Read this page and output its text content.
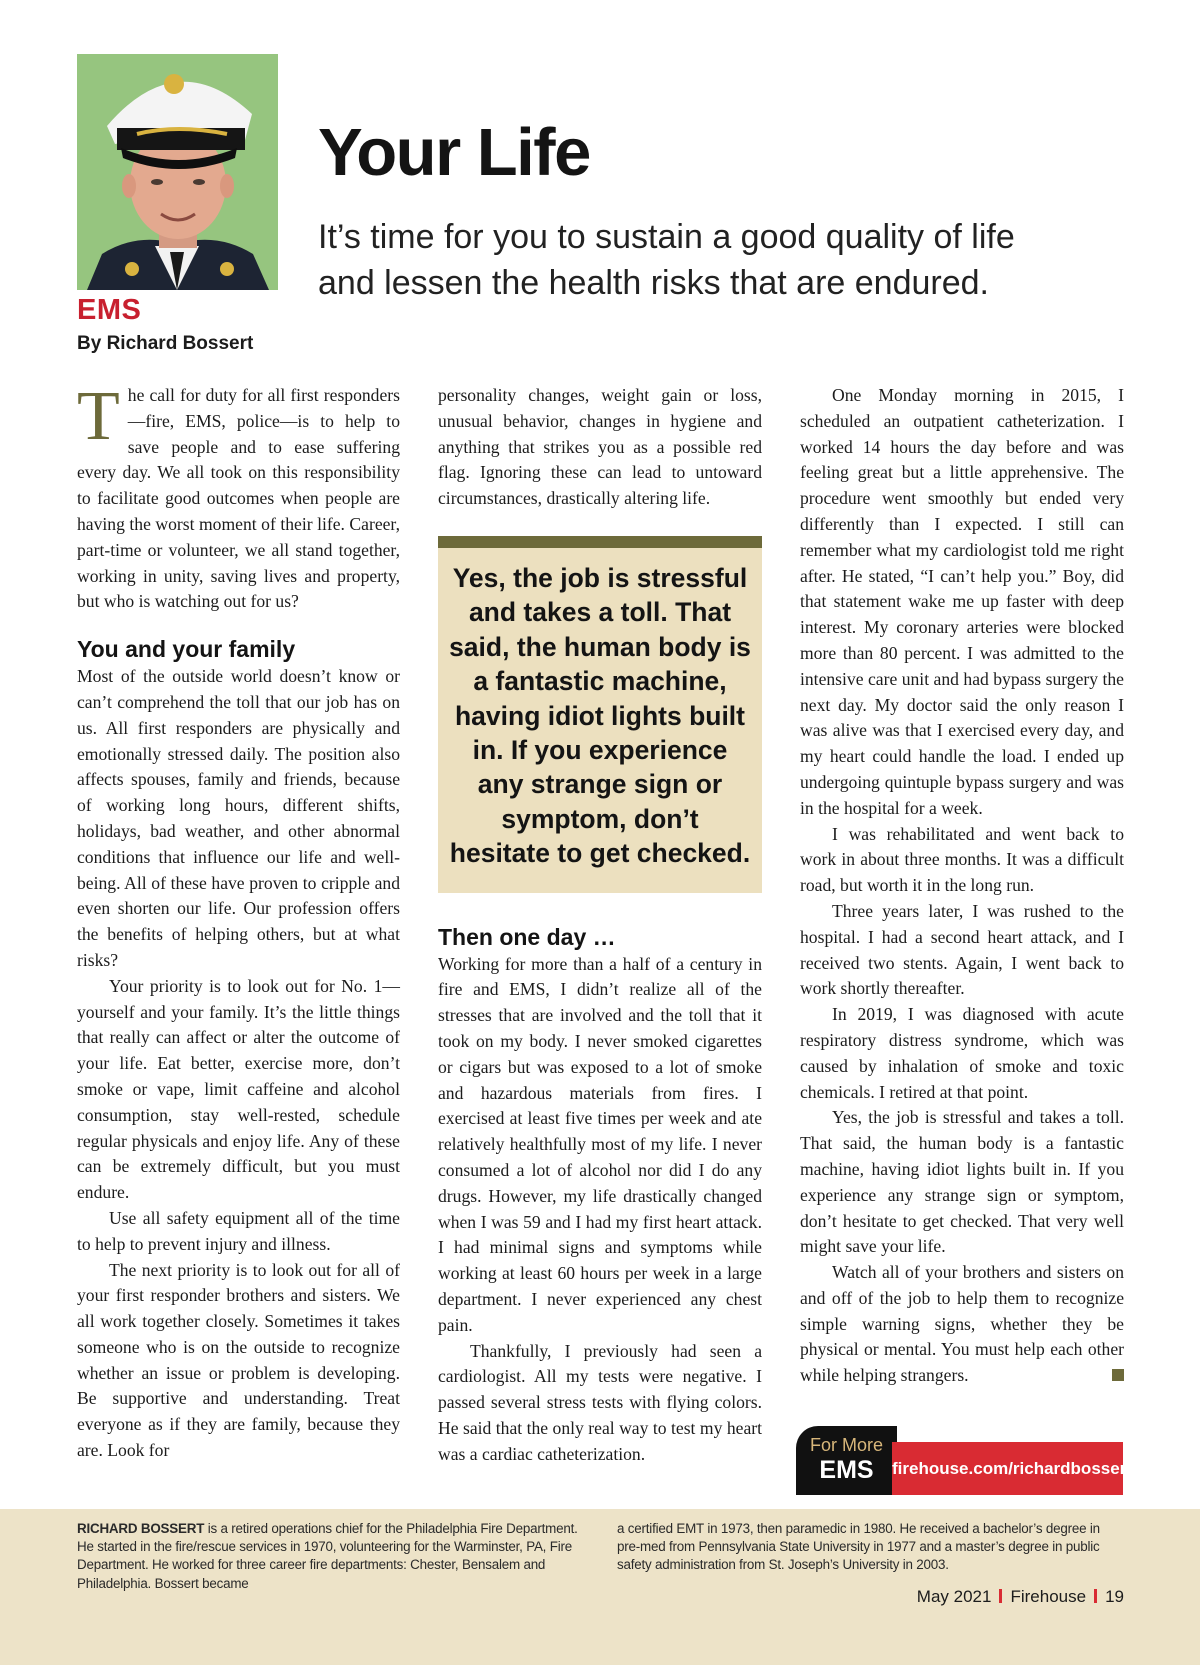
EMS
By Richard Bossert
Your Life

It’s time for you to sustain a good quality of life and lessen the health risks that are endured.

The call for duty for all first responders—fire, EMS, police—is to help to save people and to ease suffering every day. We all took on this responsibility to facilitate good outcomes when people are having the worst moment of their life. Career, part-time or volunteer, we all stand together, working in unity, saving lives and property, but who is watching out for us?

You and your family

Most of the outside world doesn’t know or can’t comprehend the toll that our job has on us. All first responders are physically and emotionally stressed daily. The position also affects spouses, family and friends, because of working long hours, different shifts, holidays, bad weather, and other abnormal conditions that influence our life and well-being. All of these have proven to cripple and even shorten our life. Our profession offers the benefits of helping others, but at what risks?

Your priority is to look out for No. 1—yourself and your family. It’s the little things that really can affect or alter the outcome of your life. Eat better, exercise more, don’t smoke or vape, limit caffeine and alcohol consumption, stay well-rested, schedule regular physicals and enjoy life. Any of these can be extremely difficult, but you must endure.

Use all safety equipment all of the time to help to prevent injury and illness.

The next priority is to look out for all of your first responder brothers and sisters. We all work together closely. Sometimes it takes someone who is on the outside to recognize whether an issue or problem is developing. Be supportive and understanding. Treat everyone as if they are family, because they are. Look for

personality changes, weight gain or loss, unusual behavior, changes in hygiene and anything that strikes you as a possible red flag. Ignoring these can lead to untoward circumstances, drastically altering life.

Yes, the job is stressful and takes a toll. That said, the human body is a fantastic machine, having idiot lights built in. If you experience any strange sign or symptom, don’t hesitate to get checked.

Then one day …

Working for more than a half of a century in fire and EMS, I didn’t realize all of the stresses that are involved and the toll that it took on my body. I never smoked cigarettes or cigars but was exposed to a lot of smoke and hazardous materials from fires. I exercised at least five times per week and ate relatively healthfully most of my life. I never consumed a lot of alcohol nor did I do any drugs. However, my life drastically changed when I was 59 and I had my first heart attack. I had minimal signs and symptoms while working at least 60 hours per week in a large department. I never experienced any chest pain.

Thankfully, I previously had seen a cardiologist. All my tests were negative. I passed several stress tests with flying colors. He said that the only real way to test my heart was a cardiac catheterization.

One Monday morning in 2015, I scheduled an outpatient catheterization. I worked 14 hours the day before and was feeling great but a little apprehensive. The procedure went smoothly but ended very differently than I expected. I still can remember what my cardiologist told me right after. He stated, “I can’t help you.” Boy, did that statement wake me up faster with deep interest. My coronary arteries were blocked more than 80 percent. I was admitted to the intensive care unit and had bypass surgery the next day. My doctor said the only reason I was alive was that I exercised every day, and my heart could handle the load. I ended up undergoing quintuple bypass surgery and was in the hospital for a week.

I was rehabilitated and went back to work in about three months. It was a difficult road, but worth it in the long run.

Three years later, I was rushed to the hospital. I had a second heart attack, and I received two stents. Again, I went back to work shortly thereafter.

In 2019, I was diagnosed with acute respiratory distress syndrome, which was caused by inhalation of smoke and toxic chemicals. I retired at that point.

Yes, the job is stressful and takes a toll. That said, the human body is a fantastic machine, having idiot lights built in. If you experience any strange sign or symptom, don’t hesitate to get checked. That very well might save your life.

Watch all of your brothers and sisters on and off of the job to help them to recognize simple warning signs, whether they be physical or mental. You must help each other while helping strangers.

For More
EMS	firehouse.com/richardbossert
RICHARD BOSSERT is a retired operations chief for the Philadelphia Fire Department. He started in the fire/rescue services in 1970, volunteering for the Warminster, PA, Fire Department. He worked for three career fire departments: Chester, Bensalem and Philadelphia. Bossert became
a certified EMT in 1973, then paramedic in 1980. He received a bachelor’s degree in pre-med from Pennsylvania State University in 1977 and a master’s degree in public safety administration from St. Joseph’s University in 2003.
May 2021 Firehouse 19
